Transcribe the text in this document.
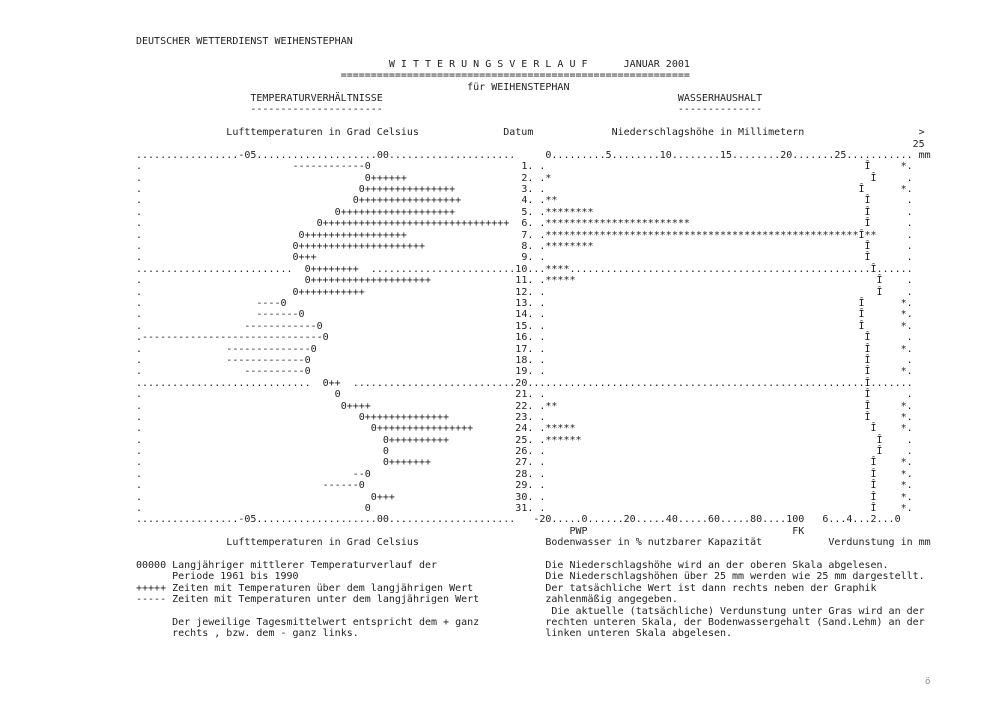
DEUTSCHER WETTERDIENST WEIHENSTEPHAN
W I T T E R U N G S V E R L A U F	JANUAR 2001
==========================================================
für WEIHENSTEPHAN
TEMPERATURVERHÄLTNISSE	WASSERHAUSHALT
----------------------	--------------
Lufttemperaturen in Grad Celsius	Datum	Niederschlagshöhe in Millimetern	>
25
.................-05....................00.....................	0.........5........10........15........20.......25........... mm
.                         ------------0                         1. .                                                     Î     *.
.                                     0++++++                   2. .*                                                     Î     .
.                                    0+++++++++++++++           3. .                                                    Î      *.
.                                   0+++++++++++++++++          4. .**                                                   Î      .
.                                0+++++++++++++++++++           5. .********                                             Î      .
.                             0+++++++++++++++++++++++++++++++  6. .************************                             Î      .
.                          0+++++++++++++++++                   7. .****************************************************Î**     .
.                         0+++++++++++++++++++++                8. .********                                             Î      .
.                         0+++                                  9. .                                                     Î      .
..........................  0++++++++  ........................10...****..................................................Î......
.                           0++++++++++++++++++++              11. .*****                                                  Î    .
.                         0+++++++++++                         12. .                                                       Î    .
.                   ----0                                      13. .                                                    Î      *.
.                   -------0                                   14. .                                                    Î      *.
.                 ------------0                                15. .                                                    Î      *.
.------------------------------0                               16. .                                                     Î      .
.              --------------0                                 17. .                                                     Î     *.
.              -------------0                                  18. .                                                     Î      .
.                 ----------0                                  19. .                                                     Î     *.
.............................  0++  ...........................20........................................................Î.......
.                                0                             21. .                                                     Î      .
.                                 0++++                        22. .**                                                   Î     *.
.                                    0++++++++++++++           23. .                                                     Î     *.
.                                      0++++++++++++++++       24. .*****                                                 Î    *.
.                                        0++++++++++           25. .******                                                 Î    .
.                                        0                     26. .                                                       Î    .
.                                        0+++++++              27. .                                                      Î    *.
.                                   --0                        28. .                                                      Î    *.
.                              ------0                         29. .                                                      Î    *.
.                                      0+++                    30. .                                                      Î    *.
.                                     0                        31. .                                                      Î    *.
.................-05....................00..................... -20.....0......20.....40.....60.....80....100   6...4...2...0
PWP	FK
Lufttemperaturen in Grad Celsius	Bodenwasser in % nutzbarer Kapazität	Verdunstung in mm
00000 Langjähriger mittlerer Temperaturverlauf der	Die Niederschlagshöhe wird an der oberen Skala abgelesen.
Periode 1961 bis 1990	Die Niederschlagshöhen über 25 mm werden wie 25 mm dargestellt.
+++++ Zeiten mit Temperaturen über dem langjährigen Wert	Der tatsächliche Wert ist dann rechts neben der Graphik
----- Zeiten mit Temperaturen unter dem langjährigen Wert	zahlenmäßig angegeben.
Die aktuelle (tatsächliche) Verdunstung unter Gras wird an der
Der jeweilige Tagesmittelwert entspricht dem + ganz	rechten unteren Skala, der Bodenwassergehalt (Sand.Lehm) an der
rechts , bzw. dem - ganz links.	linken unteren Skala abgelesen.
ö
